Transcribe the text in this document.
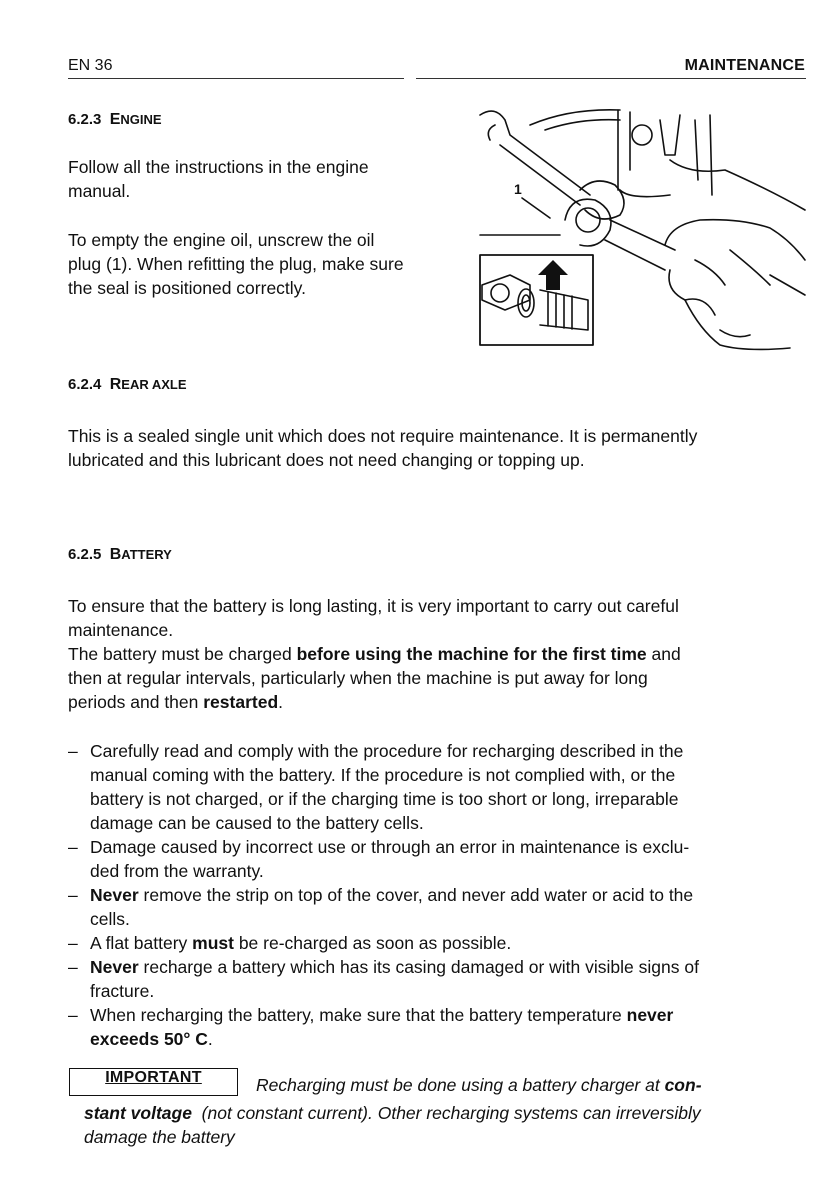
EN 36	MAINTENANCE
6.2.3 ENGINE
Follow all the instructions in the engine
manual.
To empty the engine oil, unscrew the oil
plug (1). When refitting the plug, make sure
the seal is positioned correctly.
1
6.2.4 REAR AXLE
This is a sealed single unit which does not require maintenance. It is permanently
lubricated and this lubricant does not need changing or topping up.
6.2.5 BATTERY
To ensure that the battery is long lasting, it is very important to carry out careful
maintenance.
The battery must be charged before using the machine for the first time and
then at regular intervals, particularly when the machine is put away for long
periods and then restarted.
– Carefully read and comply with the procedure for recharging described in the
manual coming with the battery. If the procedure is not complied with, or the
battery is not charged, or if the charging time is too short or long, irreparable
damage can be caused to the battery cells.
– Damage caused by incorrect use or through an error in maintenance is exclu-
ded from the warranty.
– Never remove the strip on top of the cover, and never add water or acid to the
cells.
– A flat battery must be re-charged as soon as possible.
– Never recharge a battery which has its casing damaged or with visible signs of
fracture.
– When recharging the battery, make sure that the battery temperature never
exceeds 50° C.
IMPORTANT	Recharging must be done using a battery charger at con-
stant voltage  (not constant current). Other recharging systems can irreversibly
damage the battery
